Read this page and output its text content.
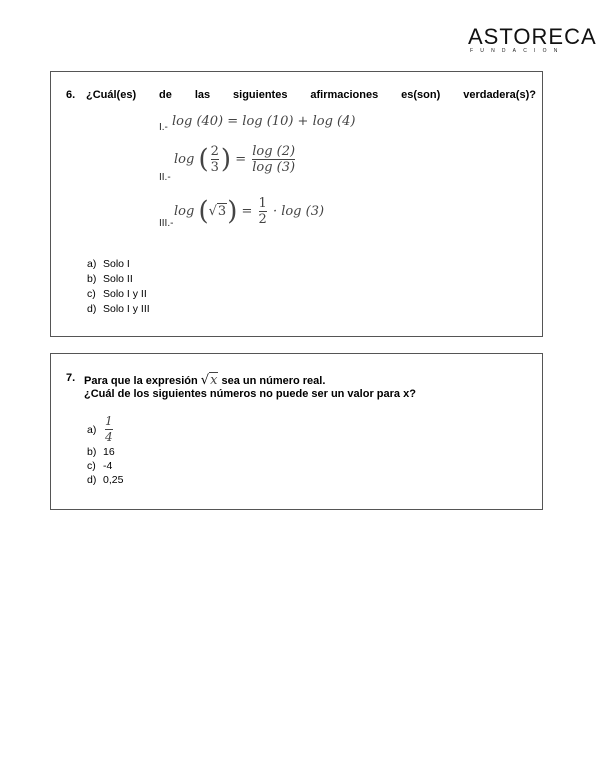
ASTORECA
FUNDACION
6. ¿Cuál(es) de las siguientes afirmaciones es(son) verdadera(s)?
I.- log (40) = log (10) + log (4)
II.-
log ( $\frac{2}{3}$ ) = $\frac{\log (2)}{\log (3)}$
III.-
$\log (√3) = \frac{1}{2} \cdot \log (3)$
a) Solo I
b) Solo II
c) Solo I y II
d) Solo I y III
7. Para que la expresión √x sea un número real.
¿Cuál de los siguientes números no puede ser un valor para x?
$a) \frac{1}{4}$
b) 16
c) -4
d) 0,25
